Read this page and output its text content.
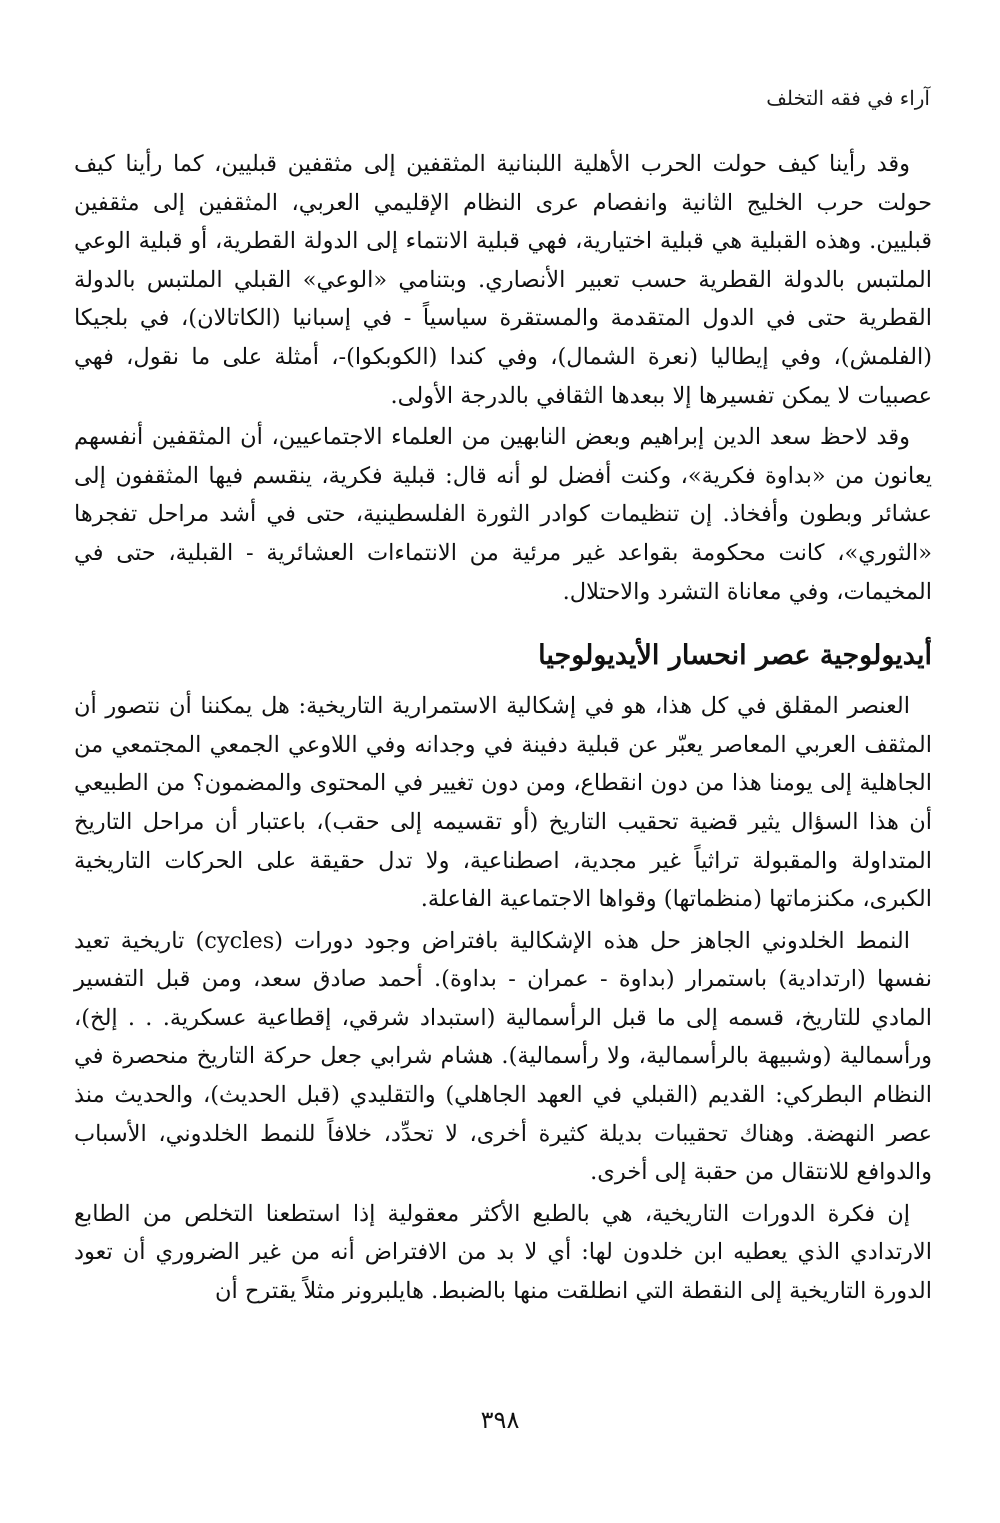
آراء في فقه التخلف

وقد رأينا كيف حولت الحرب الأهلية اللبنانية المثقفين إلى مثقفين قبليين، كما رأينا كيف حولت حرب الخليج الثانية وانفصام عرى النظام الإقليمي العربي، المثقفين إلى مثقفين قبليين. وهذه القبلية هي قبلية اختيارية، فهي قبلية الانتماء إلى الدولة القطرية، أو قبلية الوعي الملتبس بالدولة القطرية حسب تعبير الأنصاري. وبتنامي «الوعي» القبلي الملتبس بالدولة القطرية حتى في الدول المتقدمة والمستقرة سياسياً - في إسبانيا (الكاتالان)، في بلجيكا (الفلمش)، وفي إيطاليا (نعرة الشمال)، وفي كندا (الكوبكوا)-، أمثلة على ما نقول، فهي عصبيات لا يمكن تفسيرها إلا ببعدها الثقافي بالدرجة الأولى.

وقد لاحظ سعد الدين إبراهيم وبعض النابهين من العلماء الاجتماعيين، أن المثقفين أنفسهم يعانون من «بداوة فكرية»، وكنت أفضل لو أنه قال: قبلية فكرية، ينقسم فيها المثقفون إلى عشائر وبطون وأفخاذ. إن تنظيمات كوادر الثورة الفلسطينية، حتى في أشد مراحل تفجرها «الثوري»، كانت محكومة بقواعد غير مرئية من الانتماءات العشائرية - القبلية، حتى في المخيمات، وفي معاناة التشرد والاحتلال.

أيديولوجية عصر انحسار الأيديولوجيا

العنصر المقلق في كل هذا، هو في إشكالية الاستمرارية التاريخية: هل يمكننا أن نتصور أن المثقف العربي المعاصر يعبّر عن قبلية دفينة في وجدانه وفي اللاوعي الجمعي المجتمعي من الجاهلية إلى يومنا هذا من دون انقطاع، ومن دون تغيير في المحتوى والمضمون؟ من الطبيعي أن هذا السؤال يثير قضية تحقيب التاريخ (أو تقسيمه إلى حقب)، باعتبار أن مراحل التاريخ المتداولة والمقبولة تراثياً غير مجدية، اصطناعية، ولا تدل حقيقة على الحركات التاريخية الكبرى، مكنزماتها (منظماتها) وقواها الاجتماعية الفاعلة.

النمط الخلدوني الجاهز حل هذه الإشكالية بافتراض وجود دورات (cycles) تاريخية تعيد نفسها (ارتدادية) باستمرار (بداوة - عمران - بداوة). أحمد صادق سعد، ومن قبل التفسير المادي للتاريخ، قسمه إلى ما قبل الرأسمالية (استبداد شرقي، إقطاعية عسكرية. . . إلخ)، ورأسمالية (وشبيهة بالرأسمالية، ولا رأسمالية). هشام شرابي جعل حركة التاريخ منحصرة في النظام البطركي: القديم (القبلي في العهد الجاهلي) والتقليدي (قبل الحديث)، والحديث منذ عصر النهضة. وهناك تحقيبات بديلة كثيرة أخرى، لا تحدِّد، خلافاً للنمط الخلدوني، الأسباب والدوافع للانتقال من حقبة إلى أخرى.

إن فكرة الدورات التاريخية، هي بالطبع الأكثر معقولية إذا استطعنا التخلص من الطابع الارتدادي الذي يعطيه ابن خلدون لها: أي لا بد من الافتراض أنه من غير الضروري أن تعود الدورة التاريخية إلى النقطة التي انطلقت منها بالضبط. هايلبرونر مثلاً يقترح أن

٣٩٨
